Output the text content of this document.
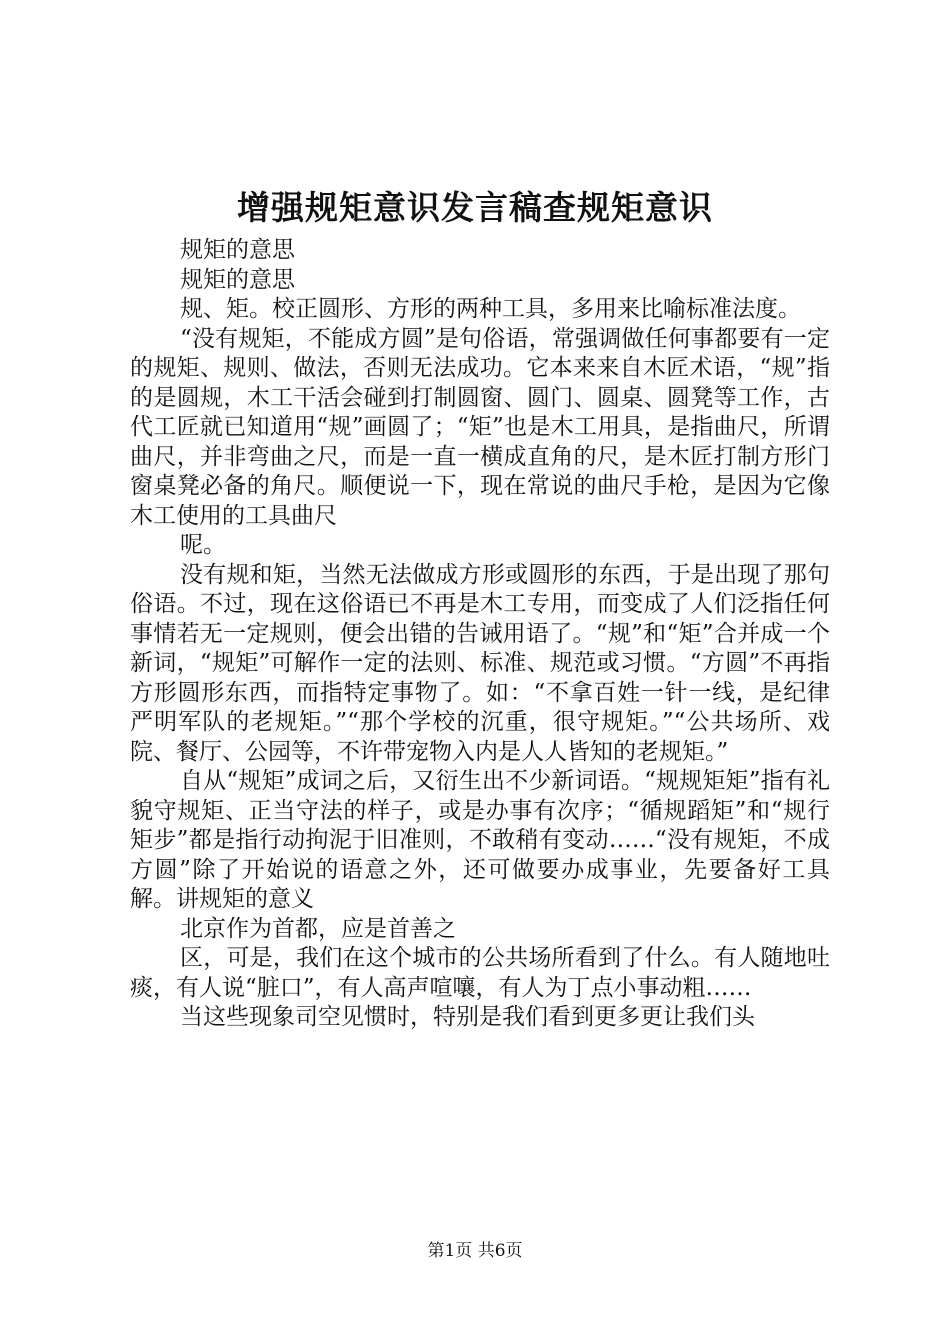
增强规矩意识发言稿查规矩意识

规矩的意思

规矩的意思

规、矩。校正圆形、方形的两种工具，多用来比喻标准法度。

“没有规矩，不能成方圆”是句俗语，常强调做任何事都要有一定的规矩、规则、做法，否则无法成功。它本来来自木匠术语，“规”指的是圆规，木工干活会碰到打制圆窗、圆门、圆桌、圆凳等工作，古代工匠就已知道用“规”画圆了；“矩”也是木工用具，是指曲尺，所谓曲尺，并非弯曲之尺，而是一直一横成直角的尺，是木匠打制方形门窗桌凳必备的角尺。顺便说一下，现在常说的曲尺手枪，是因为它像木工使用的工具曲尺

呢。

没有规和矩，当然无法做成方形或圆形的东西，于是出现了那句俗语。不过，现在这俗语已不再是木工专用，而变成了人们泛指任何事情若无一定规则，便会出错的告诫用语了。“规”和“矩”合并成一个新词，“规矩”可解作一定的法则、标准、规范或习惯。“方圆”不再指方形圆形东西，而指特定事物了。如：“不拿百姓一针一线，是纪律严明军队的老规矩。”“那个学校的沉重，很守规矩。”“公共场所、戏院、餐厅、公园等，不许带宠物入内是人人皆知的老规矩。”

自从“规矩”成词之后，又衍生出不少新词语。“规规矩矩”指有礼貌守规矩、正当守法的样子，或是办事有次序；“循规蹈矩”和“规行矩步”都是指行动拘泥于旧准则，不敢稍有变动……“没有规矩，不成方圆”除了开始说的语意之外，还可做要办成事业，先要备好工具解。讲规矩的意义

北京作为首都，应是首善之

区，可是，我们在这个城市的公共场所看到了什么。有人随地吐痰，有人说“脏口”，有人高声喧嚷，有人为丁点小事动粗……

当这些现象司空见惯时，特别是我们看到更多更让我们头

第1页 共6页
